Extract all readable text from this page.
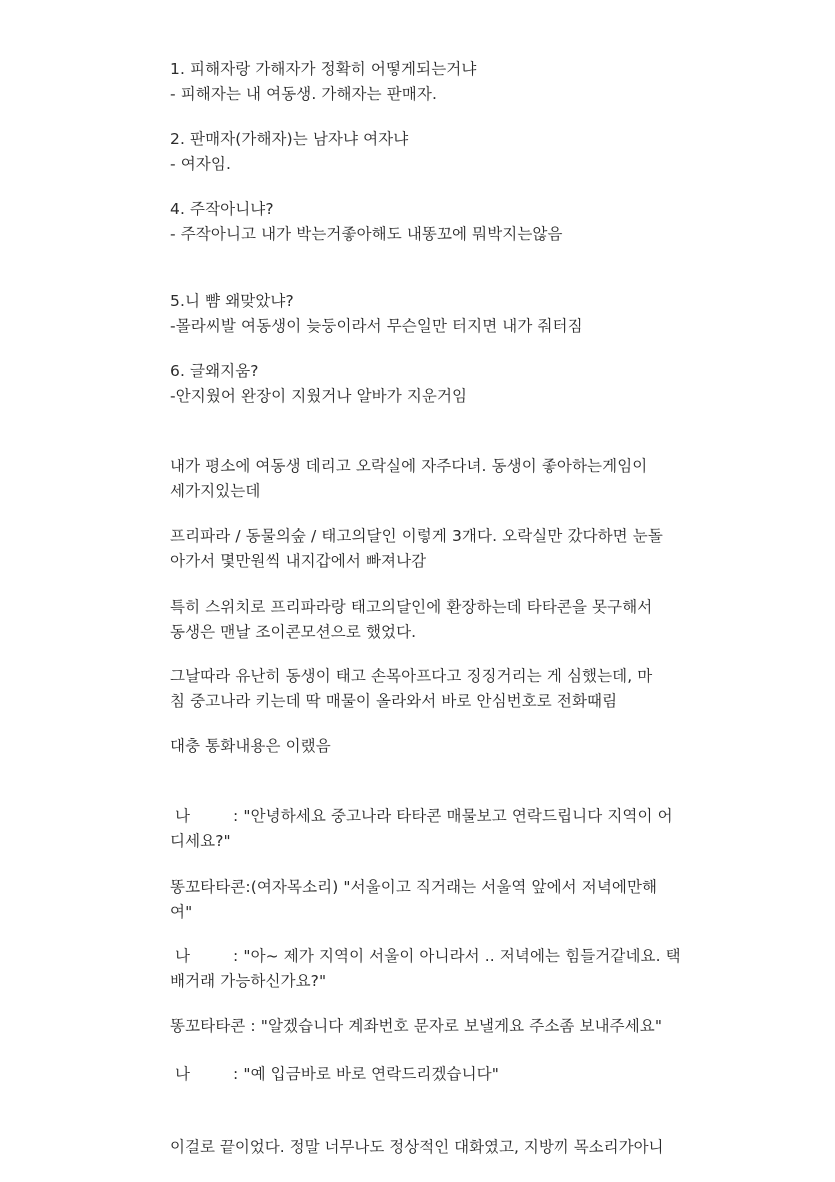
1. 피해자랑 가해자가 정확히 어떻게되는거냐
- 피해자는 내 여동생. 가해자는 판매자.
2. 판매자(가해자)는 남자냐 여자냐
- 여자임.
4. 주작아니냐?
- 주작아니고 내가 박는거좋아해도 내똥꼬에 뭐박지는않음
5.니 뺨 왜맞았냐?
-몰라씨발 여동생이 늦둥이라서 무슨일만 터지면 내가 줘터짐
6. 글왜지움?
-안지웠어 완장이 지웠거나 알바가 지운거임
내가 평소에 여동생 데리고 오락실에 자주다녀. 동생이 좋아하는게임이
세가지있는데
프리파라 / 동물의숲 / 태고의달인 이렇게 3개다. 오락실만 갔다하면 눈돌
아가서 몇만원씩 내지갑에서 빠져나감
특히 스위치로 프리파라랑 태고의달인에 환장하는데 타타콘을 못구해서
동생은 맨날 조이콘모션으로 했었다.
그날따라 유난히 동생이 태고 손목아프다고 징징거리는 게 심했는데, 마
침 중고나라 키는데 딱 매물이 올라와서 바로 안심번호로 전화때림
대충 통화내용은 이랬음
나	: "안녕하세요 중고나라 타타콘 매물보고 연락드립니다 지역이 어
디세요?"
똥꼬타타콘:(여자목소리) "서울이고 직거래는 서울역 앞에서 저녁에만해
여"
나	: "아~ 제가 지역이 서울이 아니라서 .. 저녁에는 힘들거같네요. 택
배거래 가능하신가요?"
똥꼬타타콘 : "알겠습니다 계좌번호 문자로 보낼게요 주소좀 보내주세요"
나	: "예 입금바로 바로 연락드리겠습니다"
이걸로 끝이었다. 정말 너무나도 정상적인 대화였고, 지방끼 목소리가아니
